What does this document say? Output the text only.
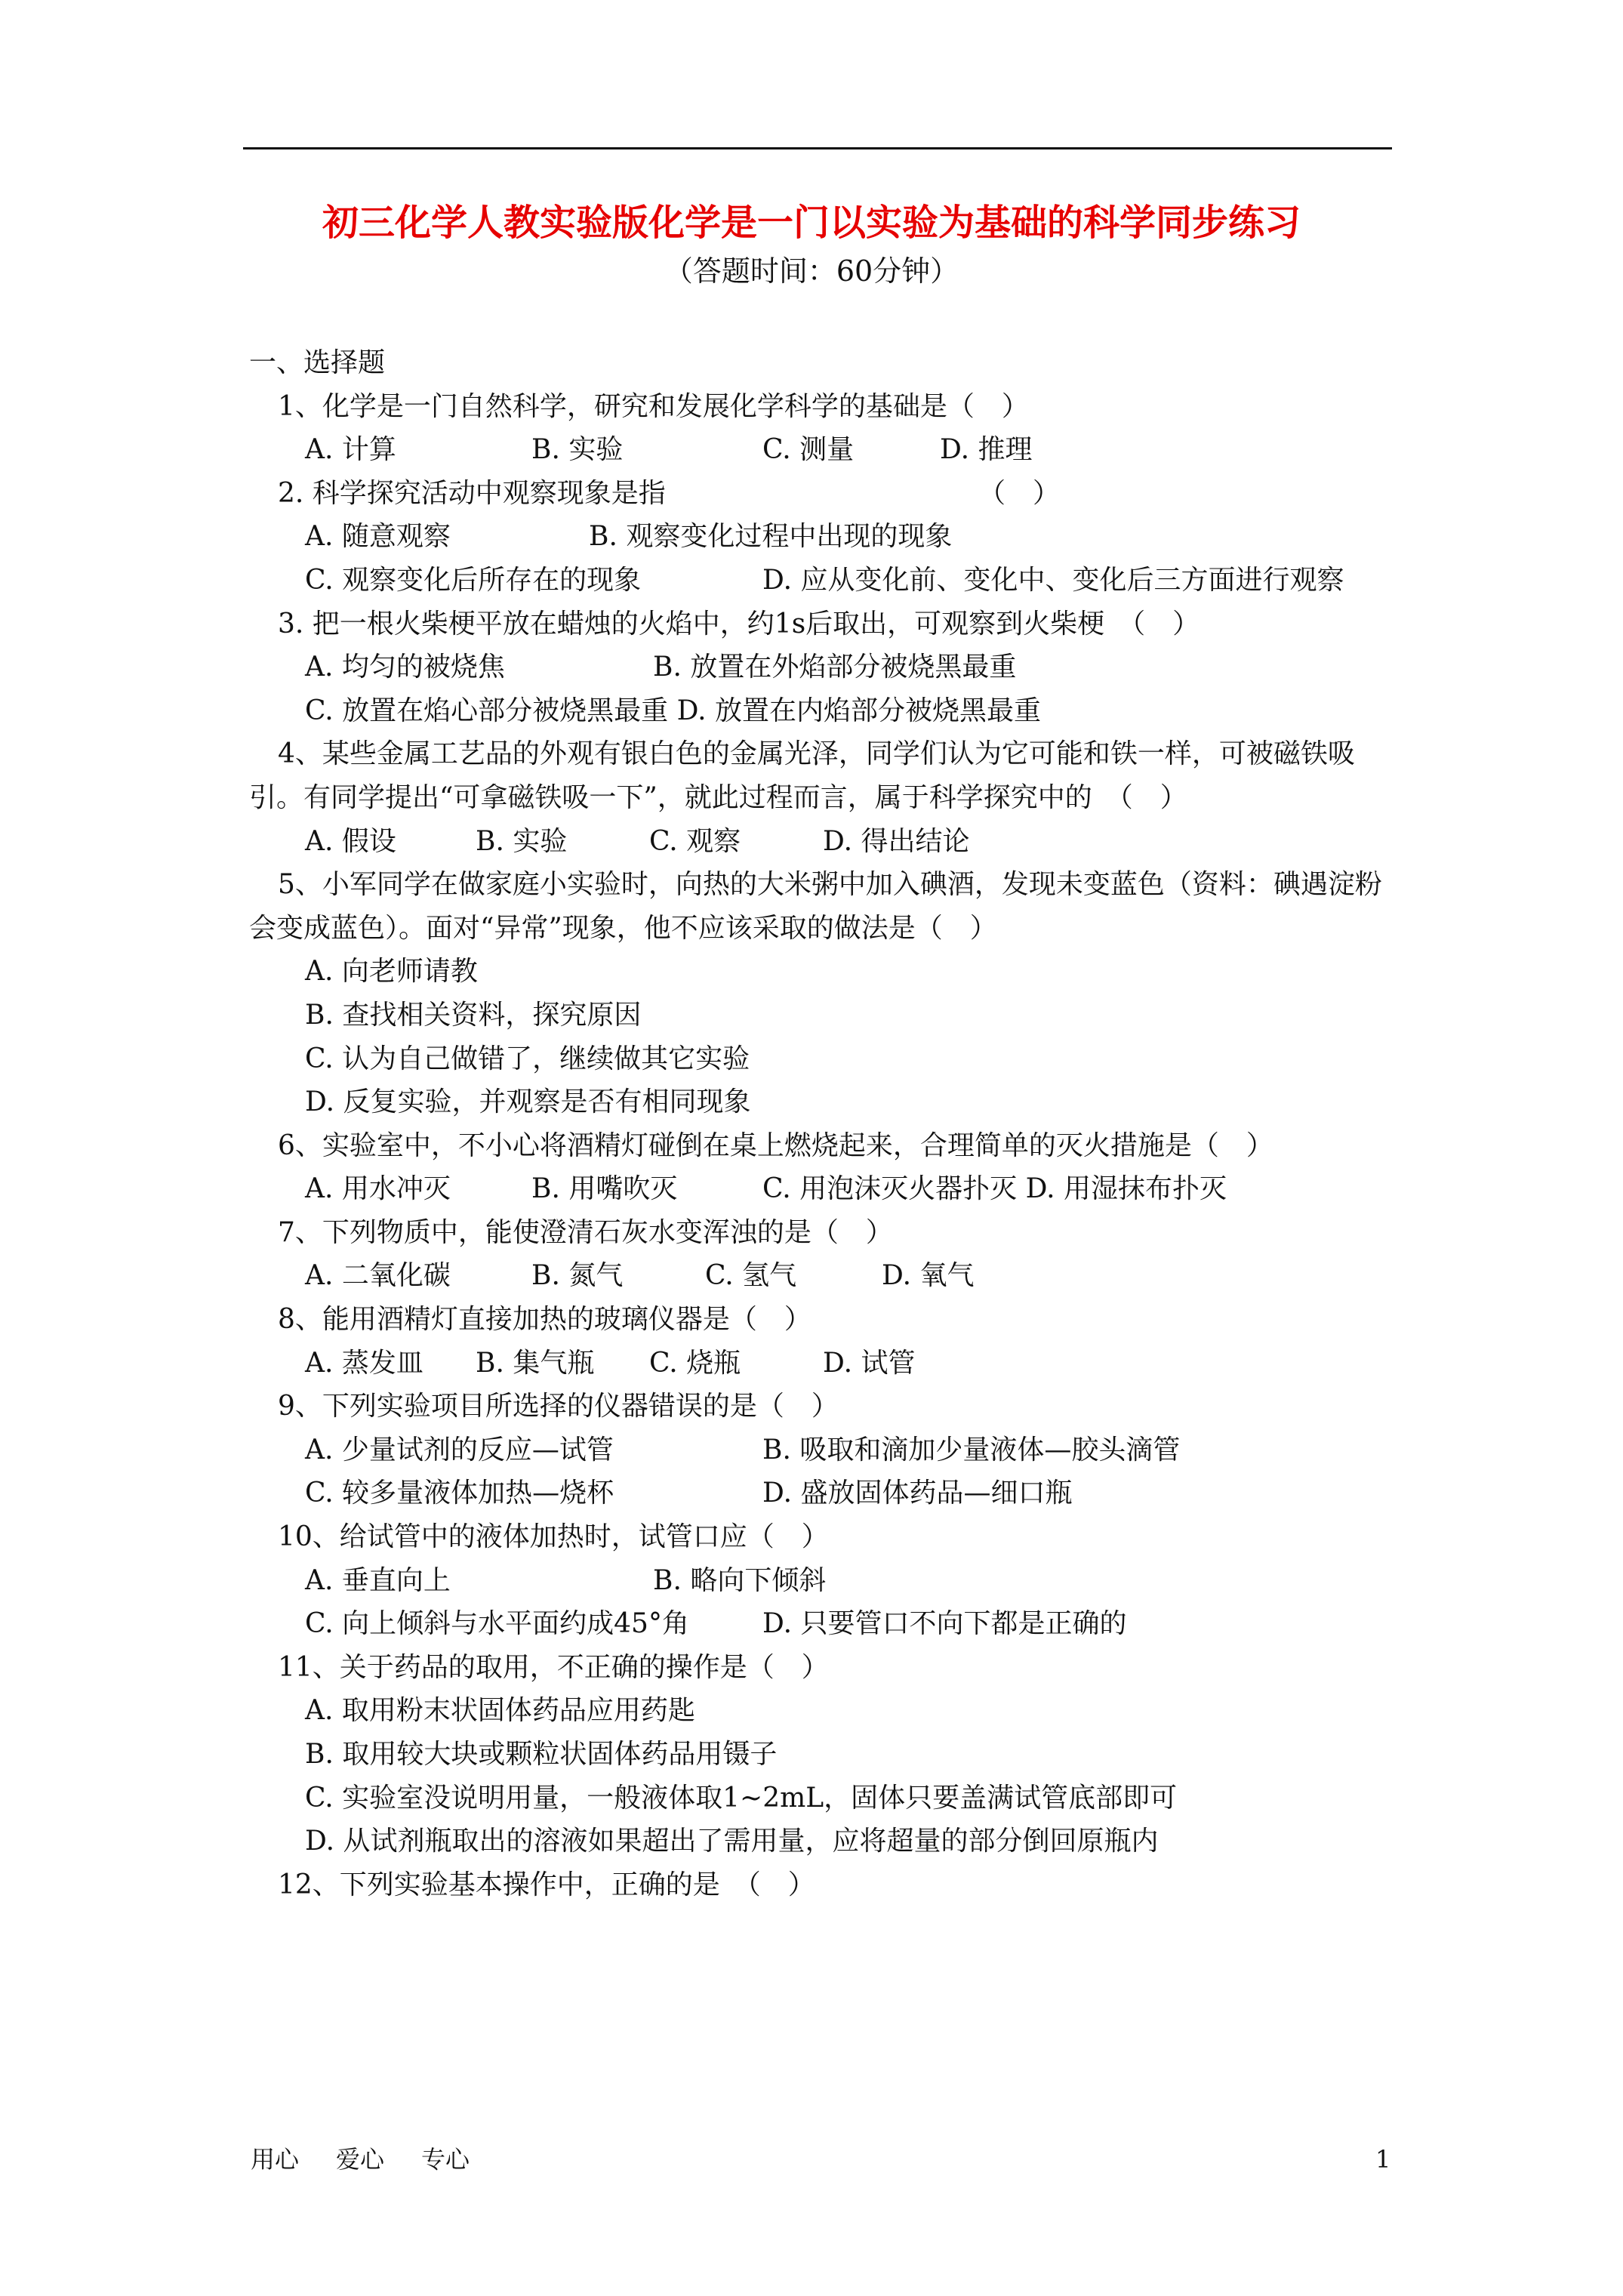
初三化学人教实验版化学是一门以实验为基础的科学同步练习
（答题时间：60分钟）
一、选择题
1、化学是一门自然科学，研究和发展化学科学的基础是（　）
A. 计算	B. 实验	C. 测量	D. 推理
2. 科学探究活动中观察现象是指	（　）
A. 随意观察	B. 观察变化过程中出现的现象
C. 观察变化后所存在的现象	D. 应从变化前、变化中、变化后三方面进行观察
3. 把一根火柴梗平放在蜡烛的火焰中，约1s后取出，可观察到火柴梗　（　）
A. 均匀的被烧焦	B. 放置在外焰部分被烧黑最重
C. 放置在焰心部分被烧黑最重 D. 放置在内焰部分被烧黑最重
4、某些金属工艺品的外观有银白色的金属光泽，同学们认为它可能和铁一样，可被磁铁吸引。有同学提出“可拿磁铁吸一下”，就此过程而言，属于科学探究中的　（　）
A. 假设	B. 实验	C. 观察	D. 得出结论
5、小军同学在做家庭小实验时，向热的大米粥中加入碘酒，发现未变蓝色（资料：碘遇淀粉会变成蓝色）。面对“异常”现象，他不应该采取的做法是（　）
A. 向老师请教
B. 查找相关资料，探究原因
C. 认为自己做错了，继续做其它实验
D. 反复实验，并观察是否有相同现象
6、实验室中，不小心将酒精灯碰倒在桌上燃烧起来，合理简单的灭火措施是（　）
A. 用水冲灭	B. 用嘴吹灭	C. 用泡沫灭火器扑灭 D. 用湿抹布扑灭
7、下列物质中，能使澄清石灰水变浑浊的是（　）
A. 二氧化碳	B. 氮气	C. 氢气	D. 氧气
8、能用酒精灯直接加热的玻璃仪器是（　）
A. 蒸发皿 B. 集气瓶 C. 烧瓶	D. 试管
9、下列实验项目所选择的仪器错误的是（　）
A. 少量试剂的反应—试管	B. 吸取和滴加少量液体—胶头滴管
C. 较多量液体加热—烧杯	D. 盛放固体药品—细口瓶
10、给试管中的液体加热时，试管口应（　）
A. 垂直向上	B. 略向下倾斜
C. 向上倾斜与水平面约成45°角	D. 只要管口不向下都是正确的
11、关于药品的取用，不正确的操作是（　）
A. 取用粉末状固体药品应用药匙
B. 取用较大块或颗粒状固体药品用镊子
C. 实验室没说明用量，一般液体取1~2mL，固体只要盖满试管底部即可
D. 从试剂瓶取出的溶液如果超出了需用量，应将超量的部分倒回原瓶内
12、下列实验基本操作中，正确的是　（　）
用心 爱心 专心	1
